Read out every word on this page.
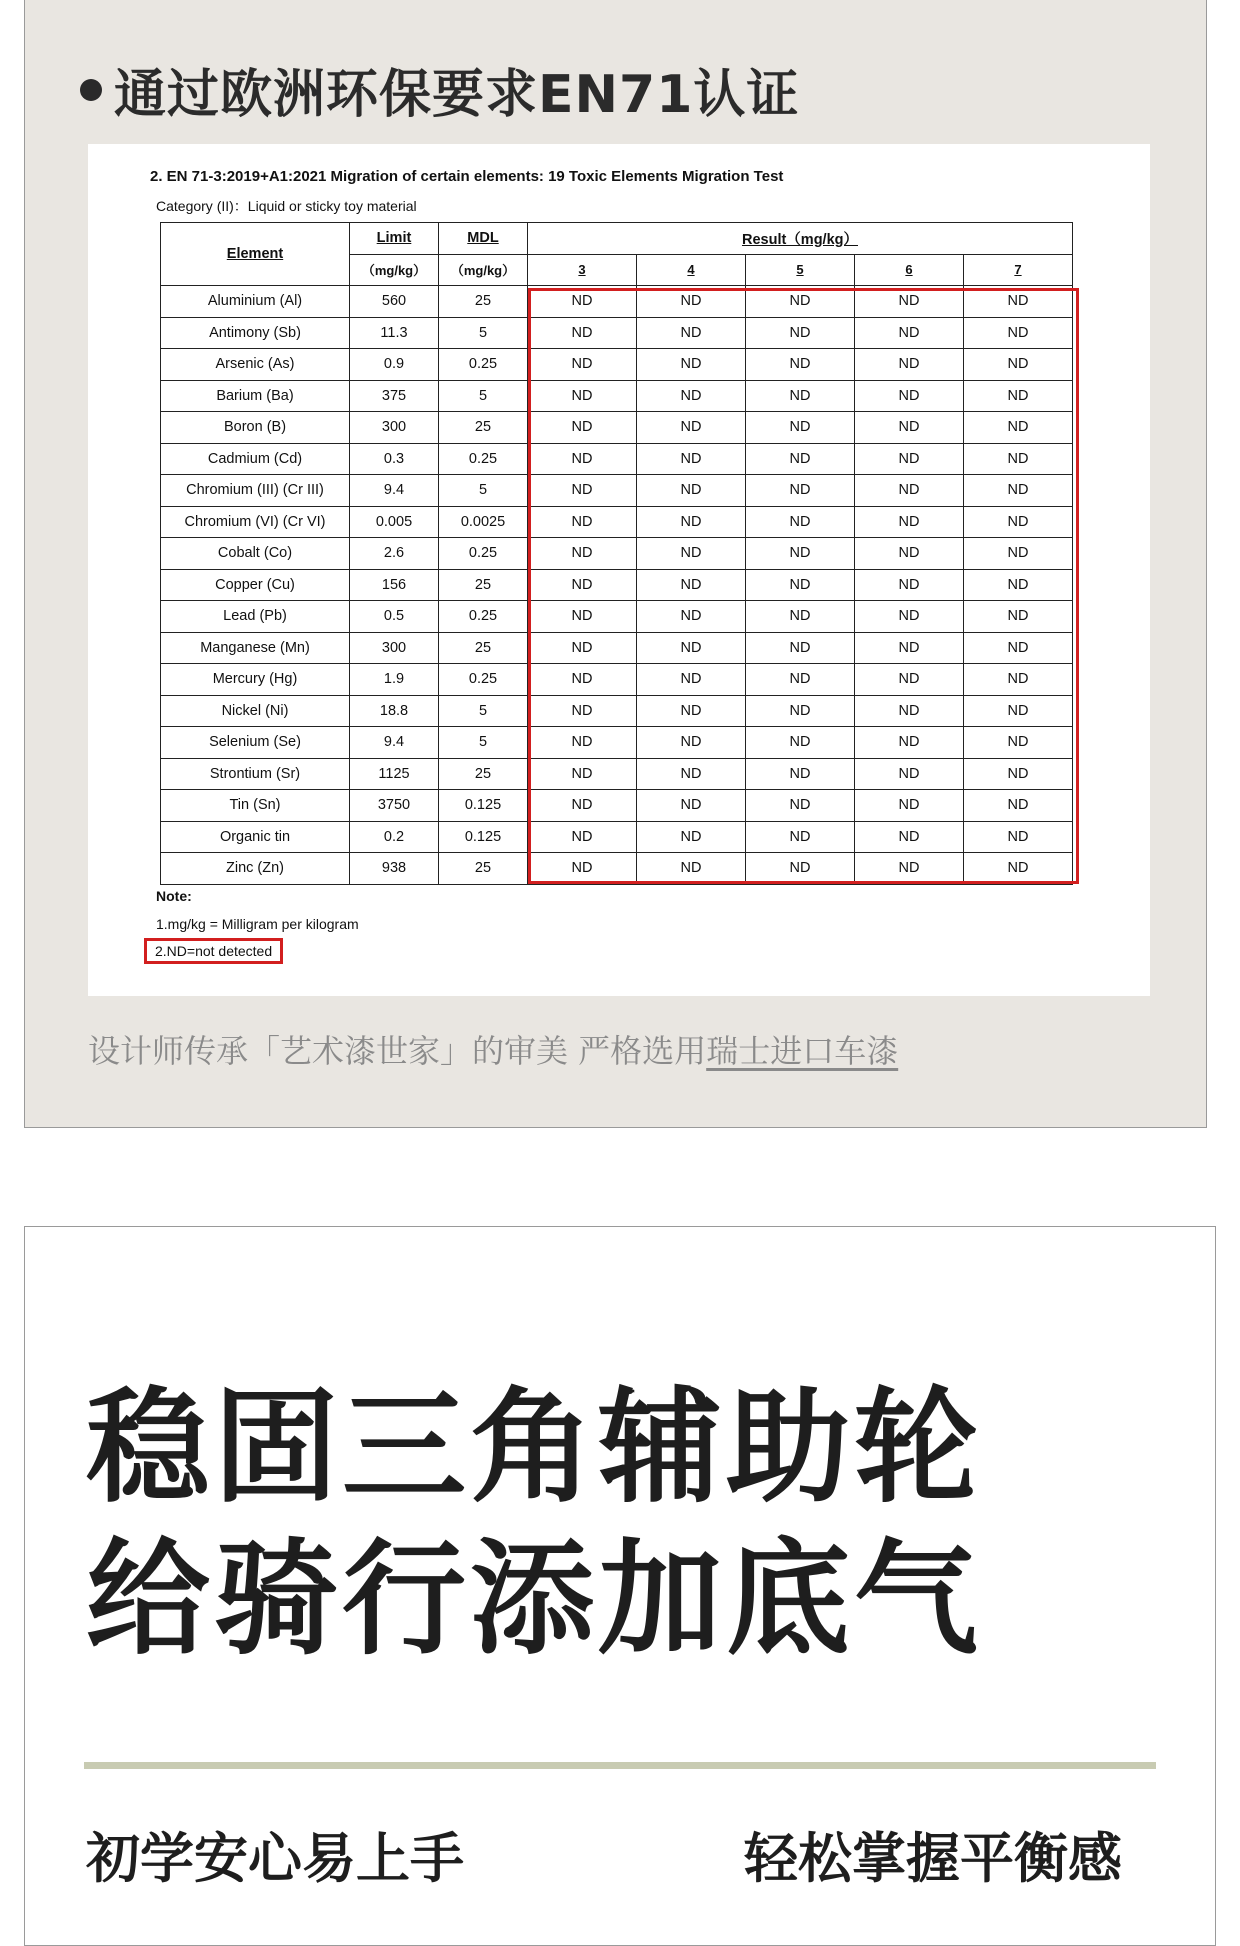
通过欧洲环保要求EN71认证
2. EN 71-3:2019+A1:2021 Migration of certain elements: 19 Toxic Elements Migration Test
Category (II)：Liquid or sticky toy material
Element	Limit	MDL	Result（mg/kg）				
	（mg/kg）	（mg/kg）	3	4	5	6	7
Aluminium (Al)	560	25	ND	ND	ND	ND	ND
Antimony (Sb)	11.3	5	ND	ND	ND	ND	ND
Arsenic (As)	0.9	0.25	ND	ND	ND	ND	ND
Barium (Ba)	375	5	ND	ND	ND	ND	ND
Boron (B)	300	25	ND	ND	ND	ND	ND
Cadmium (Cd)	0.3	0.25	ND	ND	ND	ND	ND
Chromium (III) (Cr III)	9.4	5	ND	ND	ND	ND	ND
Chromium (VI) (Cr VI)	0.005	0.0025	ND	ND	ND	ND	ND
Cobalt (Co)	2.6	0.25	ND	ND	ND	ND	ND
Copper (Cu)	156	25	ND	ND	ND	ND	ND
Lead (Pb)	0.5	0.25	ND	ND	ND	ND	ND
Manganese (Mn)	300	25	ND	ND	ND	ND	ND
Mercury (Hg)	1.9	0.25	ND	ND	ND	ND	ND
Nickel (Ni)	18.8	5	ND	ND	ND	ND	ND
Selenium (Se)	9.4	5	ND	ND	ND	ND	ND
Strontium (Sr)	1125	25	ND	ND	ND	ND	ND
Tin (Sn)	3750	0.125	ND	ND	ND	ND	ND
Organic tin	0.2	0.125	ND	ND	ND	ND	ND
Zinc (Zn)	938	25	ND	ND	ND	ND	ND
Note:
1.mg/kg = Milligram per kilogram
2.ND=not detected
设计师传承「艺术漆世家」的审美 严格选用瑞士进口车漆
稳固三角辅助轮
给骑行添加底气
初学安心易上手	轻松掌握平衡感
